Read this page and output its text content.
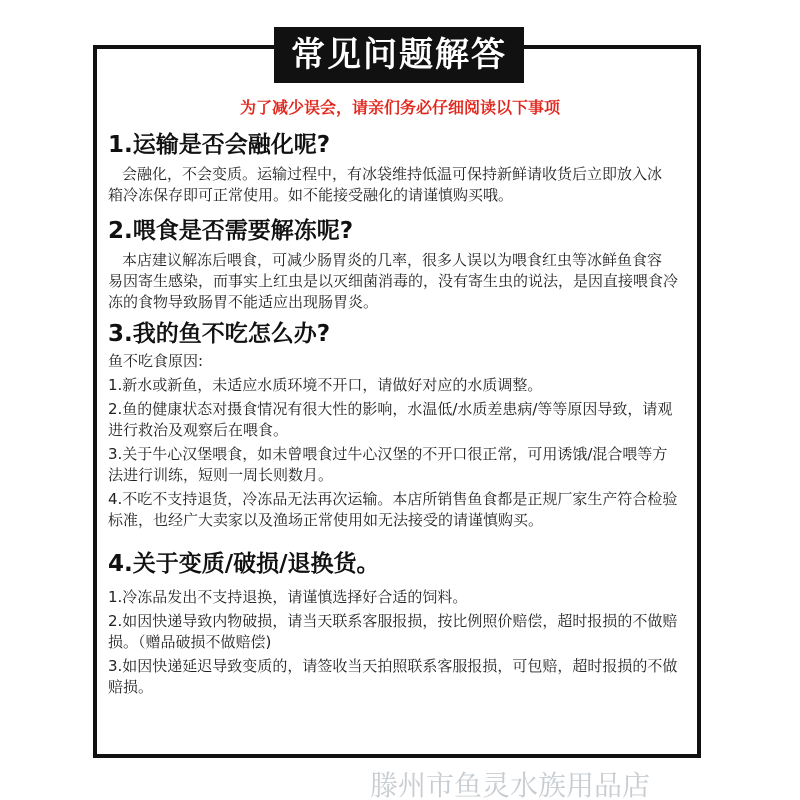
常见问题解答
为了减少误会，请亲们务必仔细阅读以下事项
1.运输是否会融化呢?
会融化，不会变质。运输过程中，有冰袋维持低温可保持新鲜请收货后立即放入冰
箱冷冻保存即可正常使用。如不能接受融化的请谨慎购买哦。
2.喂食是否需要解冻呢?
本店建议解冻后喂食，可减少肠胃炎的几率，很多人误以为喂食红虫等冰鲜鱼食容
易因寄生感染，而事实上红虫是以灭细菌消毒的，没有寄生虫的说法，是因直接喂食冷
冻的食物导致肠胃不能适应出现肠胃炎。
3.我的鱼不吃怎么办?
鱼不吃食原因:
1.新水或新鱼，未适应水质环境不开口，请做好对应的水质调整。
2.鱼的健康状态对摄食情况有很大性的影响，水温低/水质差患病/等等原因导致，请观
进行救治及观察后在喂食。
3.关于牛心汉堡喂食，如未曾喂食过牛心汉堡的不开口很正常，可用诱饿/混合喂等方
法进行训练，短则一周长则数月。
4.不吃不支持退货，冷冻品无法再次运输。本店所销售鱼食都是正规厂家生产符合检验
标准，也经广大卖家以及渔场正常使用如无法接受的请谨慎购买。
4.关于变质/破损/退换货。
1.冷冻品发出不支持退换，请谨慎选择好合适的饲料。
2.如因快递导致内物破损，请当天联系客服报损，按比例照价赔偿，超时报损的不做赔
损。（赠品破损不做赔偿)
3.如因快递延迟导致变质的，请签收当天拍照联系客服报损，可包赔，超时报损的不做
赔损。
滕州市鱼灵水族用品店
